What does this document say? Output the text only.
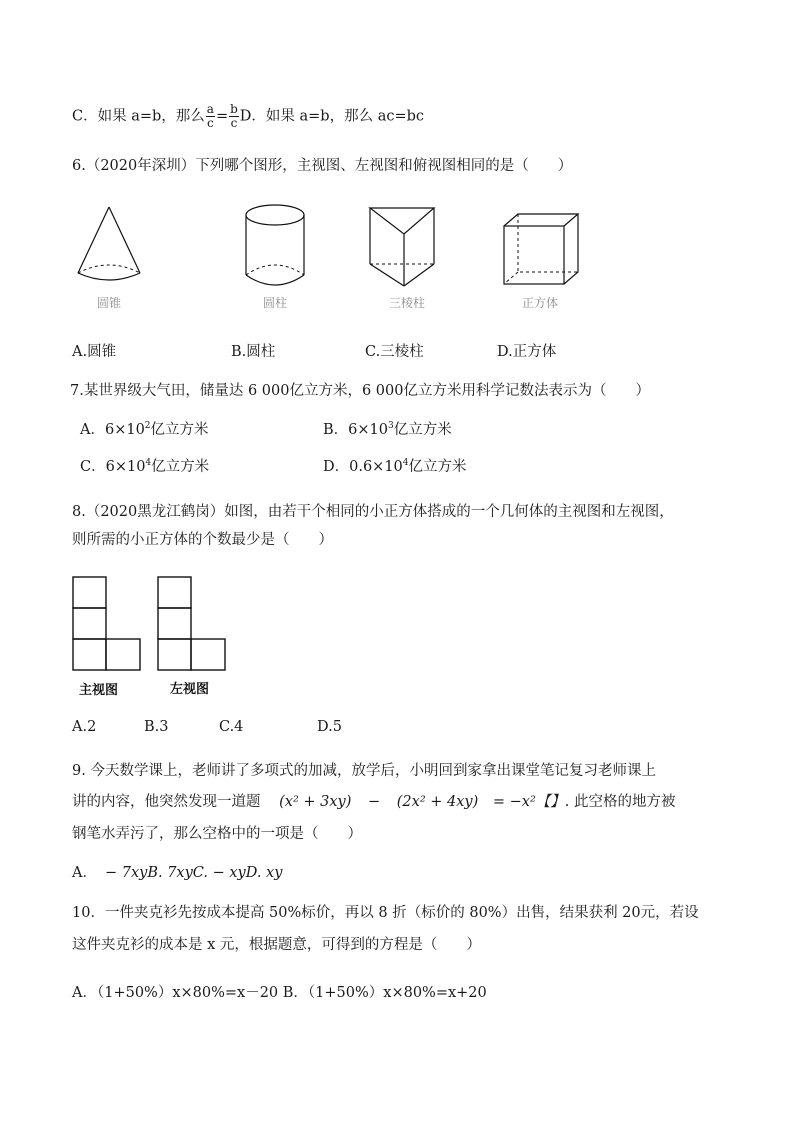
C．如果 a=b，那么 $\frac{a}{c} = \frac{b}{c}$ D．如果 a=b，那么 ac=bc
6.（2020年深圳）下列哪个图形，主视图、左视图和俯视图相同的是（　　）
圆锥	圆柱	三棱柱	正方体
A.圆锥	B.圆柱	C.三棱柱	D.正方体
7.某世界级大气田，储量达 6 000亿立方米，6 000亿立方米用科学记数法表示为（　　）
A．$6\times 10^2$亿立方米	B．$6\times 10^3$亿立方米
C．$6\times 10^4$亿立方米	D．$0.6\times 10^4$亿立方米
8.（2020黑龙江鹤岗）如图，由若干个相同的小正方体搭成的一个几何体的主视图和左视图，
则所需的小正方体的个数最少是（　　）
主视图	左视图
A.2	B.3	C.4	D.5
9. 今天数学课上，老师讲了多项式的加减，放学后，小明回到家拿出课堂笔记复习老师课上
讲的内容，他突然发现一道题 (x² + 3xy) − (2x² + 4xy) = −x²【】. 此空格的地方被
钢笔水弄污了，那么空格中的一项是（　　）
A． − 7xyB. 7xyC. − xyD. xy
10．一件夹克衫先按成本提高 50%标价，再以 8 折（标价的 80%）出售，结果获利 20元，若设
这件夹克衫的成本是 x 元，根据题意，可得到的方程是（　　）
A．（1+50%）x×80%=x－20 B．（1+50%）x×80%=x+20
